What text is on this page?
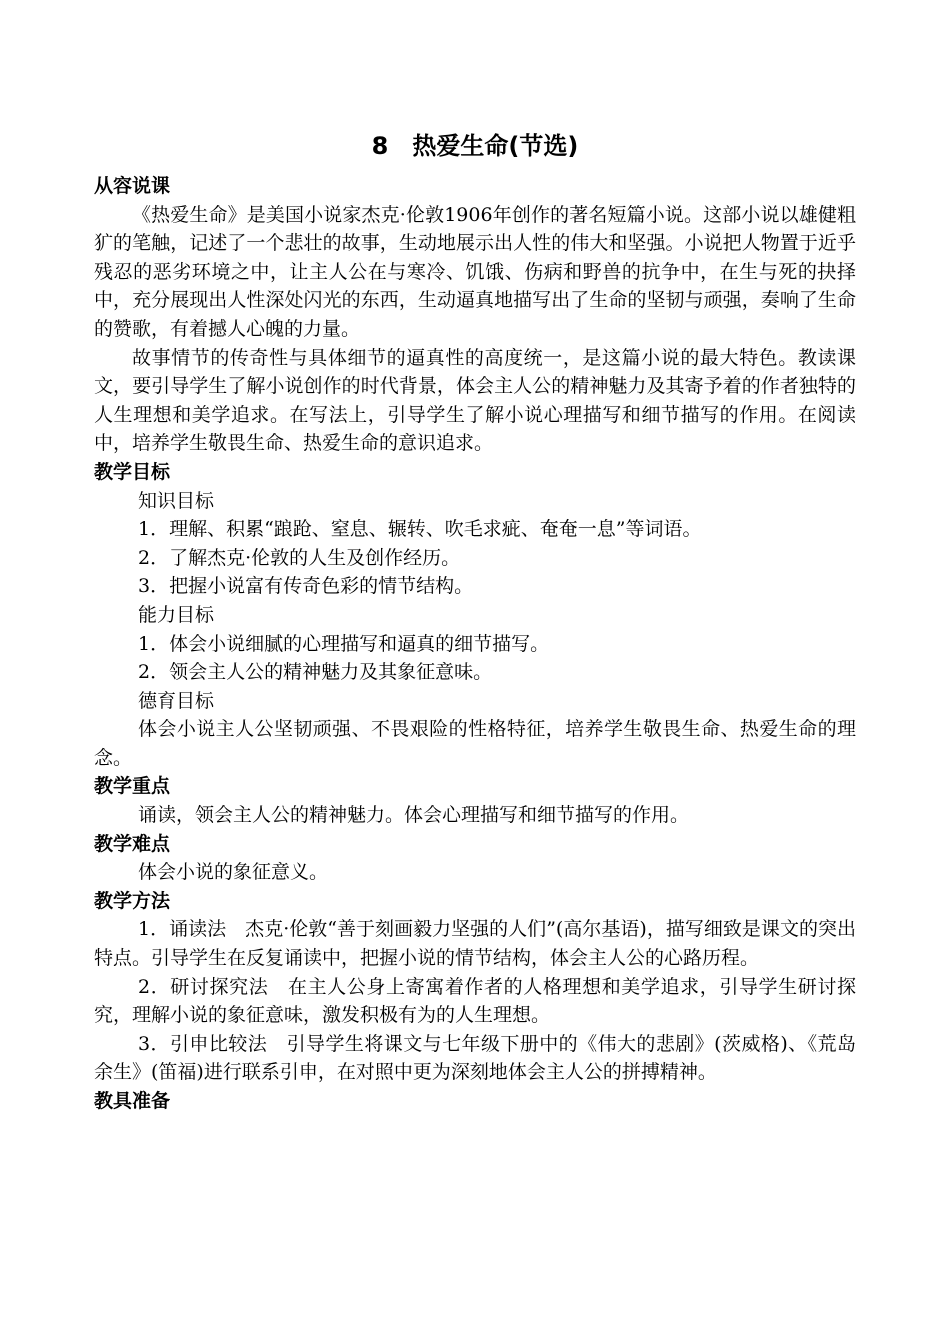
8　热爱生命(节选)
从容说课

《热爱生命》是美国小说家杰克·伦敦1906年创作的著名短篇小说。这部小说以雄健粗犷的笔触，记述了一个悲壮的故事，生动地展示出人性的伟大和坚强。小说把人物置于近乎残忍的恶劣环境之中，让主人公在与寒冷、饥饿、伤病和野兽的抗争中，在生与死的抉择中，充分展现出人性深处闪光的东西，生动逼真地描写出了生命的坚韧与顽强，奏响了生命的赞歌，有着撼人心魄的力量。

故事情节的传奇性与具体细节的逼真性的高度统一，是这篇小说的最大特色。教读课文，要引导学生了解小说创作的时代背景，体会主人公的精神魅力及其寄予着的作者独特的人生理想和美学追求。在写法上，引导学生了解小说心理描写和细节描写的作用。在阅读中，培养学生敬畏生命、热爱生命的意识追求。

教学目标

知识目标

1．理解、积累“踉跄、窒息、辗转、吹毛求疵、奄奄一息”等词语。

2．了解杰克·伦敦的人生及创作经历。

3．把握小说富有传奇色彩的情节结构。

能力目标

1．体会小说细腻的心理描写和逼真的细节描写。

2．领会主人公的精神魅力及其象征意味。

德育目标

体会小说主人公坚韧顽强、不畏艰险的性格特征，培养学生敬畏生命、热爱生命的理念。

教学重点

诵读，领会主人公的精神魅力。体会心理描写和细节描写的作用。

教学难点

体会小说的象征意义。

教学方法

1．诵读法　杰克·伦敦“善于刻画毅力坚强的人们”(高尔基语)，描写细致是课文的突出特点。引导学生在反复诵读中，把握小说的情节结构，体会主人公的心路历程。

2．研讨探究法　在主人公身上寄寓着作者的人格理想和美学追求，引导学生研讨探究，理解小说的象征意味，激发积极有为的人生理想。

3．引申比较法　引导学生将课文与七年级下册中的《伟大的悲剧》(茨威格)、《荒岛余生》(笛福)进行联系引申，在对照中更为深刻地体会主人公的拼搏精神。

教具准备
